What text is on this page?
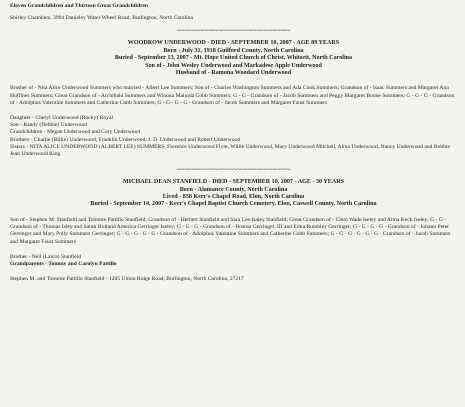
Eleven Grandchildren and Thirteen Great Grandchildren
Shirley Chambers, 3904 Danieley Water Wheel Road, Burlington, North Carolina
~~~~~~~~~~~~~~~~~~~~~~~~~~~~~~
WOODROW UNDERWOOD - DIED - SEPTEMBER 10, 2007 - AGE 89 YEARS
Born - July 31, 1918 Guilford County, North Carolina
Buried - September 13, 2007 - Mt. Hope United Church of Christ, Whitsett, North Carolina
Son of - John Wesley Underwood and Markadese Apple Underwood
Husband of - Ramona Woodard Underwood
Brother of - Nita Alice Underwood Summers who married - Albert Lee Summers; Son of - Charles Washington Summers and Ada Cook Summers; Grandson of - Isaac Summers and Margaret Ann Huffines Summers; Great Grandson of - Archibald Summers and Winona Malinda Cobb Summers; G - G - Grandson of - Jacob Summers and Peggy Margaret Boone Summers; G - G - G - Grandson of - Adolphus Valentine Summers and Catherine Cobb Summers; G - G - G - G - Grandson of - Jacob Summers and Margaret Faust Summers
Daughter - Cheryl Underwood (Rocky) Royal
Son - Randy (Debbie) Underwood
Grandchildren - Megan Underwood and Cory Underwood
Brothers - Charlie (Billie) Underwood, Franklin Underwood, J. D. Underwood and Robert Underwood
Sisters - NITA ALICE UNDERWOOD (ALBERT LEE) SUMMERS, Florence Underwood Flynt, Willie Underwood, Mary Underwood Mitchell, Alma Underwood, Nancy Underwood and Bobbie Jean Underwood King
~~~~~~~~~~~~~~~~~~~~~~~~~~~~~~
MICHAEL DEAN STANFIELD - DIED - SEPTEMBER 10, 2007 - AGE - 30 YEARS
Born - Alamance County, North Carolina
Lived - 858 Kerr's Chapel Road, Elon, North Carolina
Buried - September 14, 2007 - Kerr's Chapel Baptist Church Cemetery, Elon, Caswell County, North Carolina
Son of - Stephen M. Stanfield and Tommie Pattillo Stanfield; Grandson of - Herbert Stanfield and Sara Lee Isaley Stanfield; Great Grandson of - Clem Wade Iseley and Alma Keck Iseley; G - G - Grandson of - Thomas Isley and Sarah Holland America Gerringer Iseley; G - G - G - Grandson of - Boston Gerringer, III and Edna Rumbley Gerringer; G - G - G - G - Grandson of - Johann Peter Gerringer and Mary Polly Summers Gerringer; G - G - G - G - G - Grandson of - Adolphus Valentine Summers and Catherine Cobb Summers; G - G - G - G - G - G - Grandson of - Jacob Summers and Margaret Faust Summers
Brother - Neil (Laura) Stanfield
Grandparents - Tommy and Carolyn Pattillo
Stephen M. and Tommie Pattillo Stanfield - 1205 Union Ridge Road, Burlington, North Carolina, 27217
